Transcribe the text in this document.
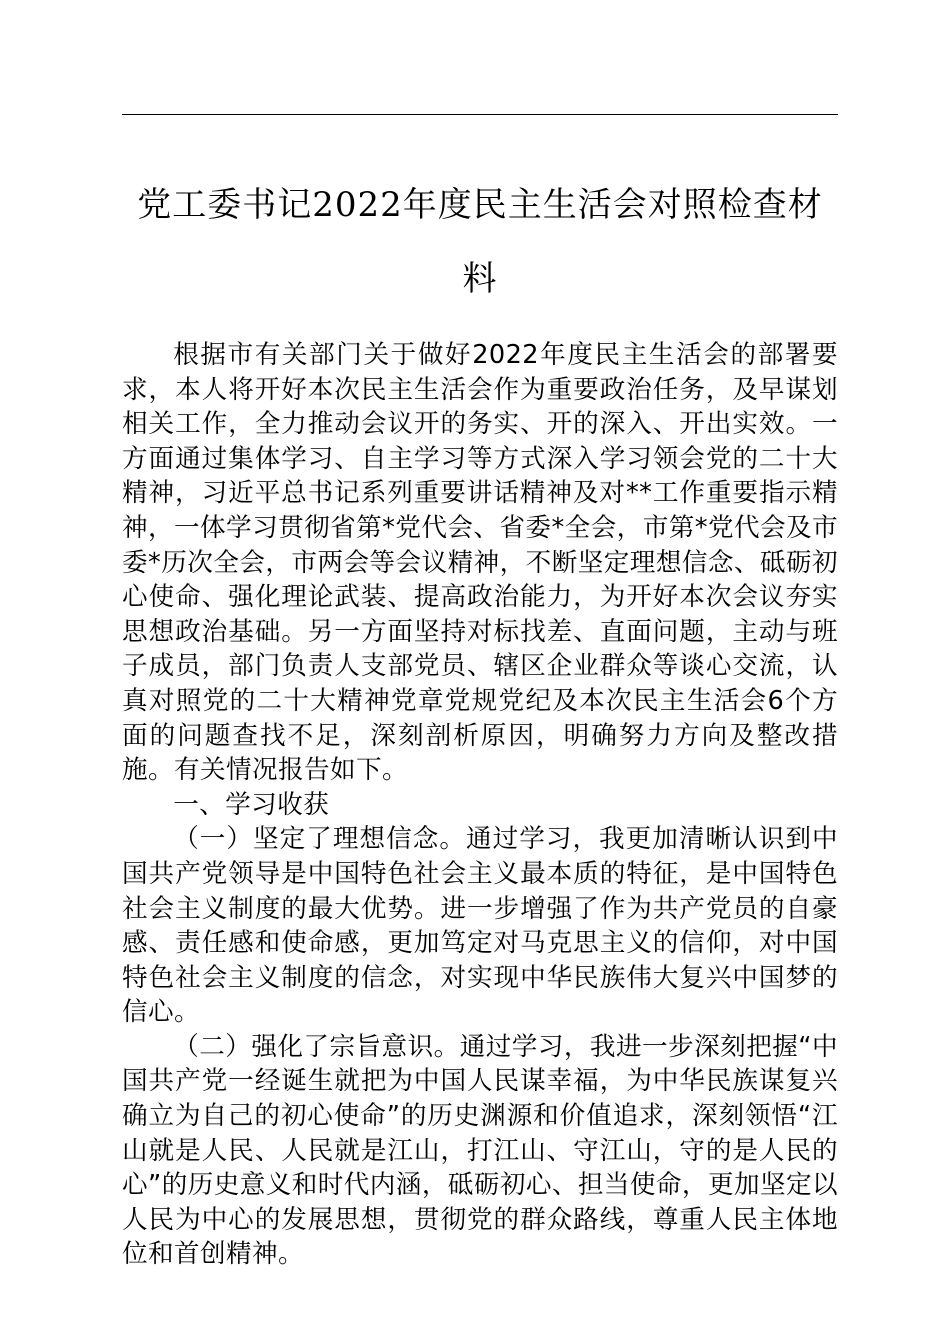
党工委书记2022年度民主生活会对照检查材料

根据市有关部门关于做好2022年度民主生活会的部署要求，本人将开好本次民主生活会作为重要政治任务，及早谋划相关工作，全力推动会议开的务实、开的深入、开出实效。一方面通过集体学习、自主学习等方式深入学习领会党的二十大精神，习近平总书记系列重要讲话精神及对**工作重要指示精神，一体学习贯彻省第*党代会、省委*全会，市第*党代会及市委*历次全会，市两会等会议精神，不断坚定理想信念、砥砺初心使命、强化理论武装、提高政治能力，为开好本次会议夯实思想政治基础。另一方面坚持对标找差、直面问题，主动与班子成员，部门负责人支部党员、辖区企业群众等谈心交流，认真对照党的二十大精神党章党规党纪及本次民主生活会6个方面的问题查找不足，深刻剖析原因，明确努力方向及整改措施。有关情况报告如下。

一、学习收获

（一）坚定了理想信念。通过学习，我更加清晰认识到中国共产党领导是中国特色社会主义最本质的特征，是中国特色社会主义制度的最大优势。进一步增强了作为共产党员的自豪感、责任感和使命感，更加笃定对马克思主义的信仰，对中国特色社会主义制度的信念，对实现中华民族伟大复兴中国梦的信心。

（二）强化了宗旨意识。通过学习，我进一步深刻把握“中国共产党一经诞生就把为中国人民谋幸福，为中华民族谋复兴确立为自己的初心使命”的历史渊源和价值追求，深刻领悟“江山就是人民、人民就是江山，打江山、守江山，守的是人民的心”的历史意义和时代内涵，砥砺初心、担当使命，更加坚定以人民为中心的发展思想，贯彻党的群众路线，尊重人民主体地位和首创精神。
